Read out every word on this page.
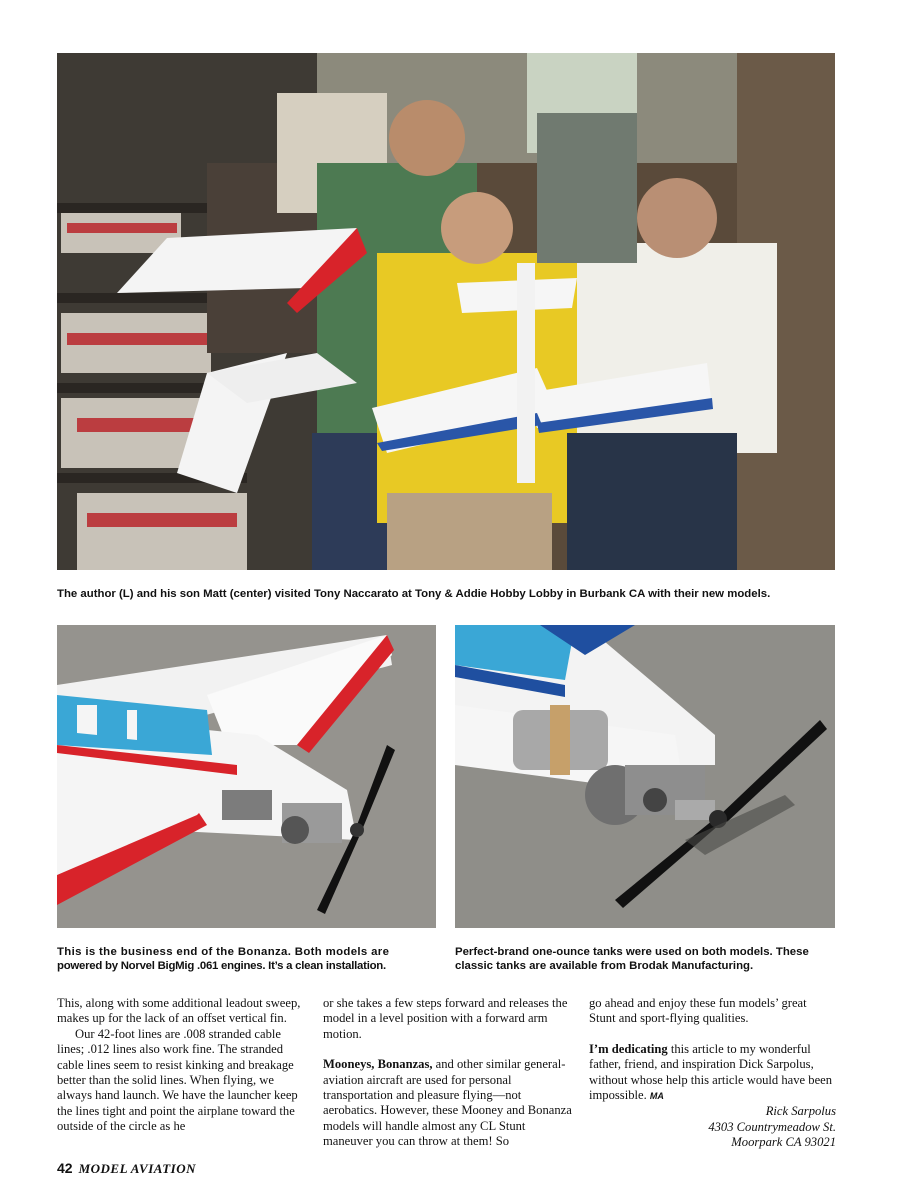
The author (L) and his son Matt (center) visited Tony Naccarato at Tony & Addie Hobby Lobby in Burbank CA with their new models.
This is the business end of the Bonanza. Both models are
powered by Norvel BigMig .061 engines. It’s a clean installation.
Perfect-brand one-ounce tanks were used on both models. These
classic tanks are available from Brodak Manufacturing.

This, along with some additional leadout sweep, makes up for the lack of an offset vertical fin.

Our 42-foot lines are .008 stranded cable lines; .012 lines also work fine. The stranded cable lines seem to resist kinking and breakage better than the solid lines. When flying, we always hand launch. We have the launcher keep the lines tight and point the airplane toward the outside of the circle as he

or she takes a few steps forward and releases the model in a level position with a forward arm motion.

Mooneys, Bonanzas, and other similar general-aviation aircraft are used for personal transportation and pleasure flying—not aerobatics. However, these Mooney and Bonanza models will handle almost any CL Stunt maneuver you can throw at them! So

go ahead and enjoy these fun models’ great Stunt and sport-flying qualities.

I’m dedicating this article to my wonderful father, friend, and inspiration Dick Sarpolus, without whose help this article would have been impossible. MA

Rick Sarpolus
4303 Countrymeadow St.
Moorpark CA 93021
42 MODEL AVIATION
